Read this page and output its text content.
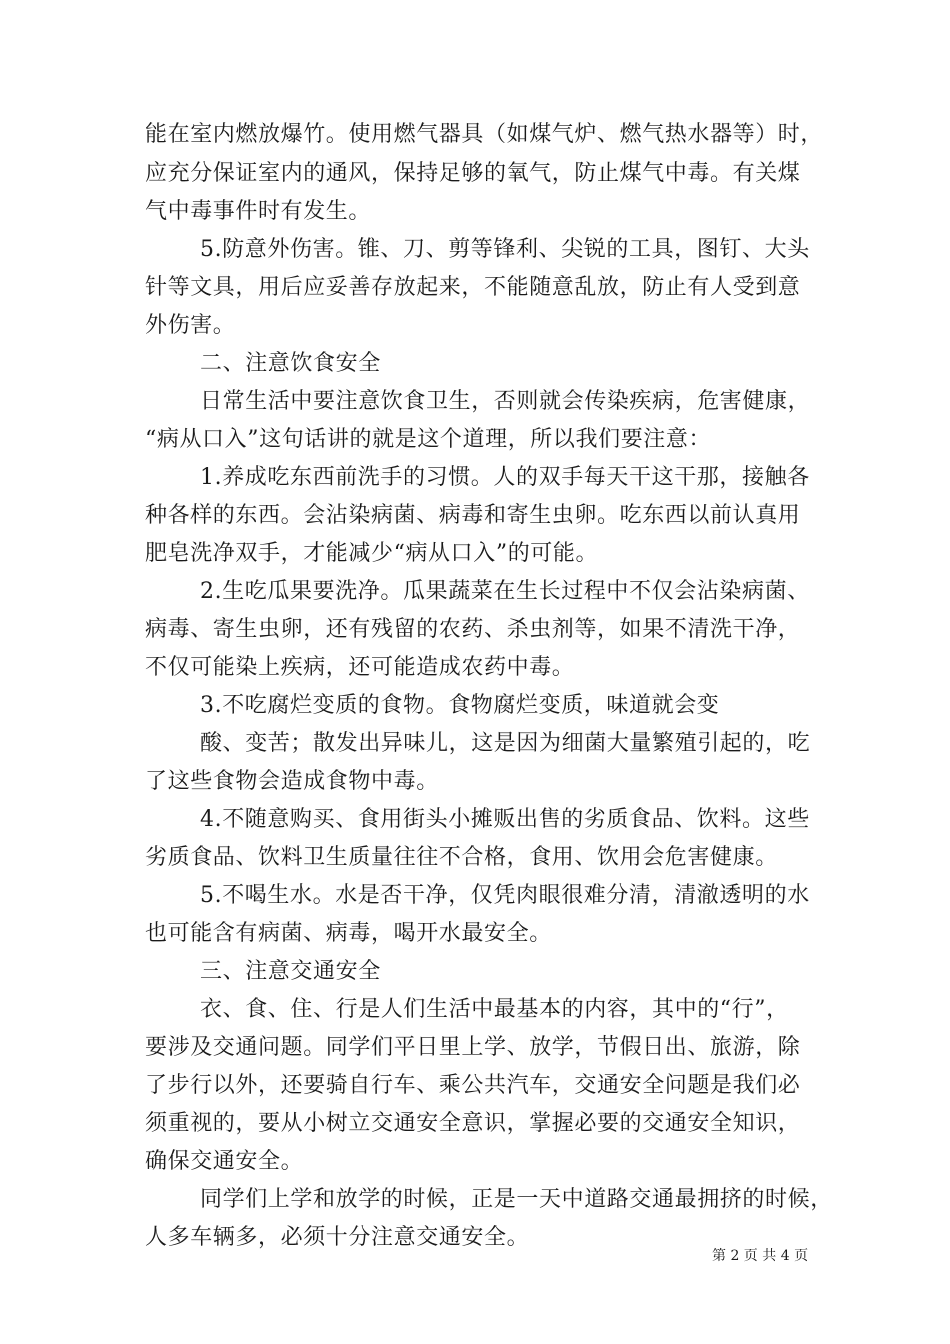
能在室内燃放爆竹。使用燃气器具（如煤气炉、燃气热水器等）时，
应充分保证室内的通风，保持足够的氧气，防止煤气中毒。有关煤
气中毒事件时有发生。
5.防意外伤害。锥、刀、剪等锋利、尖锐的工具，图钉、大头
针等文具，用后应妥善存放起来，不能随意乱放，防止有人受到意
外伤害。
二、注意饮食安全
日常生活中要注意饮食卫生，否则就会传染疾病，危害健康，
“病从口入”这句话讲的就是这个道理，所以我们要注意：
1.养成吃东西前洗手的习惯。人的双手每天干这干那，接触各
种各样的东西。会沾染病菌、病毒和寄生虫卵。吃东西以前认真用
肥皂洗净双手，才能减少“病从口入”的可能。
2.生吃瓜果要洗净。瓜果蔬菜在生长过程中不仅会沾染病菌、
病毒、寄生虫卵，还有残留的农药、杀虫剂等，如果不清洗干净，
不仅可能染上疾病，还可能造成农药中毒。
3.不吃腐烂变质的食物。食物腐烂变质，味道就会变
酸、变苦；散发出异味儿，这是因为细菌大量繁殖引起的，吃
了这些食物会造成食物中毒。
4.不随意购买、食用街头小摊贩出售的劣质食品、饮料。这些
劣质食品、饮料卫生质量往往不合格，食用、饮用会危害健康。
5.不喝生水。水是否干净，仅凭肉眼很难分清，清澈透明的水
也可能含有病菌、病毒，喝开水最安全。
三、注意交通安全
衣、食、住、行是人们生活中最基本的内容，其中的“行”，
要涉及交通问题。同学们平日里上学、放学，节假日出、旅游，除
了步行以外，还要骑自行车、乘公共汽车，交通安全问题是我们必
须重视的，要从小树立交通安全意识，掌握必要的交通安全知识，
确保交通安全。
同学们上学和放学的时候，正是一天中道路交通最拥挤的时候，
人多车辆多，必须十分注意交通安全。
第 2 页 共 4 页
